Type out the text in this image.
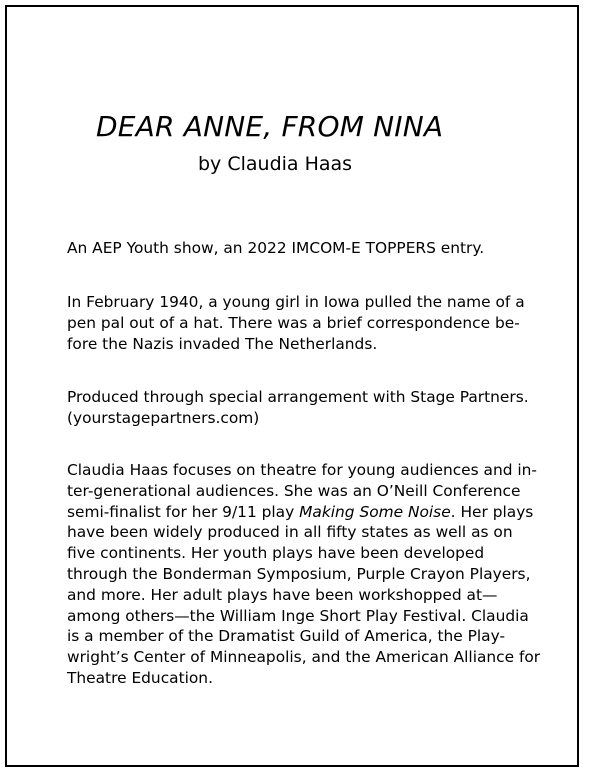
DEAR ANNE, FROM NINA
by Claudia Haas

An AEP Youth show, an 2022 IMCOM-E TOPPERS entry.

In February 1940, a young girl in Iowa pulled the name of a
pen pal out of a hat. There was a brief correspondence be-
fore the Nazis invaded The Netherlands.

Produced through special arrangement with Stage Partners.
(yourstagepartners.com)

Claudia Haas focuses on theatre for young audiences and in-
ter-generational audiences. She was an O’Neill Conference
semi-finalist for her 9/11 play Making Some Noise. Her plays
have been widely produced in all fifty states as well as on
five continents. Her youth plays have been developed
through the Bonderman Symposium, Purple Crayon Players,
and more. Her adult plays have been workshopped at—
among others—the William Inge Short Play Festival. Claudia
is a member of the Dramatist Guild of America, the Play-
wright’s Center of Minneapolis, and the American Alliance for
Theatre Education.
